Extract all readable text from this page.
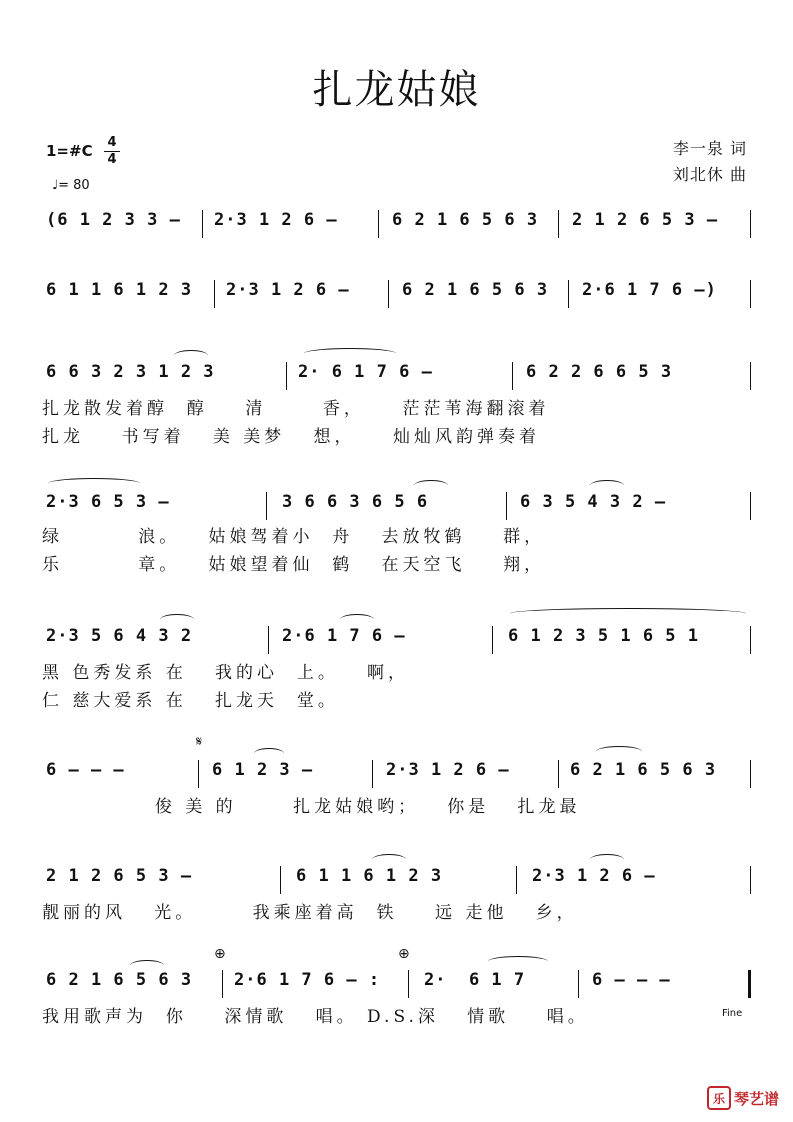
扎龙姑娘
1=#C 4
4
♩= 80
李一泉 词
刘北休 曲
(6 1 2 3 3 – 2·3 1 2 6 –	6 2 1 6 5 6 3 2 1 2 6 5 3 –
6 1 1 6 1 2 3 2·3 1 2 6 –	6 2 1 6 5 6 3 2·6 1 7 6 –)
6 6 3 2 3 1 2 3	2· 6 1 7 6 –	6 2 2 6 6 5 3
扎龙散发着醇  醇    清      香，    茫茫苇海翻滚着
扎龙    书写着   美 美梦   想，    灿灿风韵弹奏着
2·3 6 5 3 –	3 6 6 3 6 5 6	6 3 5 4 3 2 –
绿        浪。   姑娘驾着小  舟   去放牧鹤    群，
乐        章。   姑娘望着仙  鹤   在天空飞    翔，
2·3 5 6 4 3 2	2·6 1 7 6 –	6 1 2 3 5 1 6 5 1
黑 色秀发系 在   我的心  上。   啊，
仁 慈大爱系 在   扎龙天  堂。
𝄋
6 – – –	6 1 2 3 –	2·3 1 2 6 –	6 2 1 6 5 6 3
俊 美 的      扎龙姑娘哟；   你是   扎龙最
2 1 2 6 5 3 –	6 1 1 6 1 2 3	2·3 1 2 6 –
靓丽的风   光。      我乘座着高  铁    远 走他   乡，
⊕	⊕
6 2 1 6 5 6 3 2·6 1 7 6 – :	2·  6 1 7	6 – – –
我用歌声为  你    深情歌   唱。 D.S.深   情歌    唱。	Fine
乐 琴艺谱
